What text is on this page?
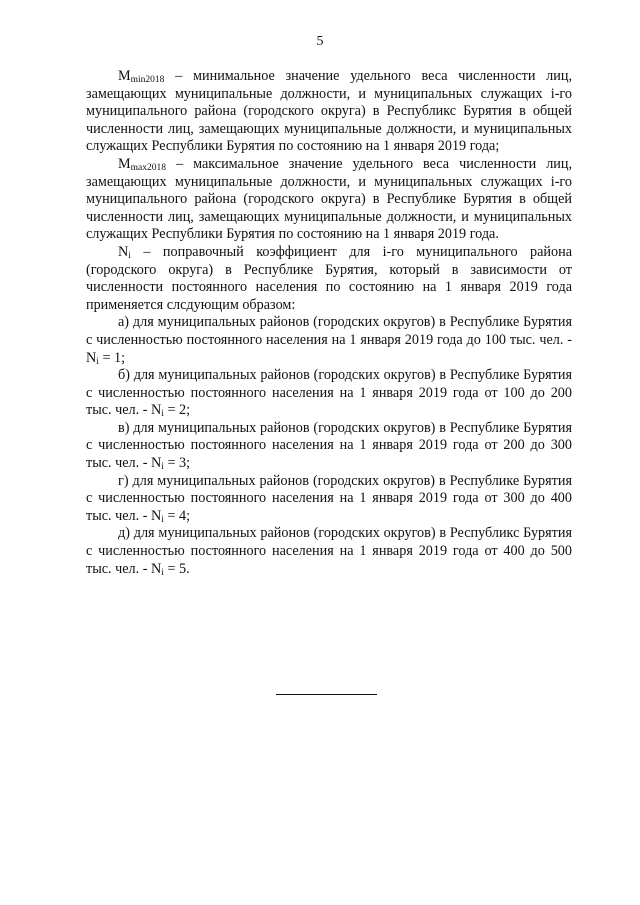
5

$M_{min2018}$ – минимальное значение удельного веса численности лиц, замещающих муниципальные должности, и муниципальных служащих i-го муниципального района (городского округа) в Республикс Бурятия в общей численности лиц, замещающих муниципальные должности, и муниципальных служащих Республики Бурятия по состоянию на 1 января 2019 года;

$M_{max2018}$ – максимальное значение удельного веса численности лиц, замещающих муниципальные должности, и муниципальных служащих i-го муниципального района (городского округа) в Республике Бурятия в общей численности лиц, замещающих муниципальные должности, и муниципальных служащих Республики Бурятия по состоянию на 1 января 2019 года.

$N_i$ – поправочный коэффициент для i-го муниципального района (городского округа) в Республике Бурятия, который в зависимости от численности постоянного населения по состоянию на 1 января 2019 года применяется слсдующим образом:

а) для муниципальных районов (городских округов) в Республике Бурятия с численностью постоянного населения на 1 января 2019 года до 100 тыс. чел. - $N_i = 1$;

б) для муниципальных районов (городских округов) в Республике Бурятия с численностью постоянного населения на 1 января 2019 года от 100 до 200 тыс. чел. - $N_i = 2$;

в) для муниципальных районов (городских округов) в Республике Бурятия с численностью постоянного населения на 1 января 2019 года от 200 до 300 тыс. чел. - $N_i = 3$;

г) для муниципальных районов (городских округов) в Республике Бурятия с численностью постоянного населения на 1 января 2019 года от 300 до 400 тыс. чел. - $N_i = 4$;

д) для муниципальных районов (городских округов) в Республикс Бурятия с численностью постоянного населения на 1 января 2019 года от 400 до 500 тыс. чел. - $N_i = 5$.
